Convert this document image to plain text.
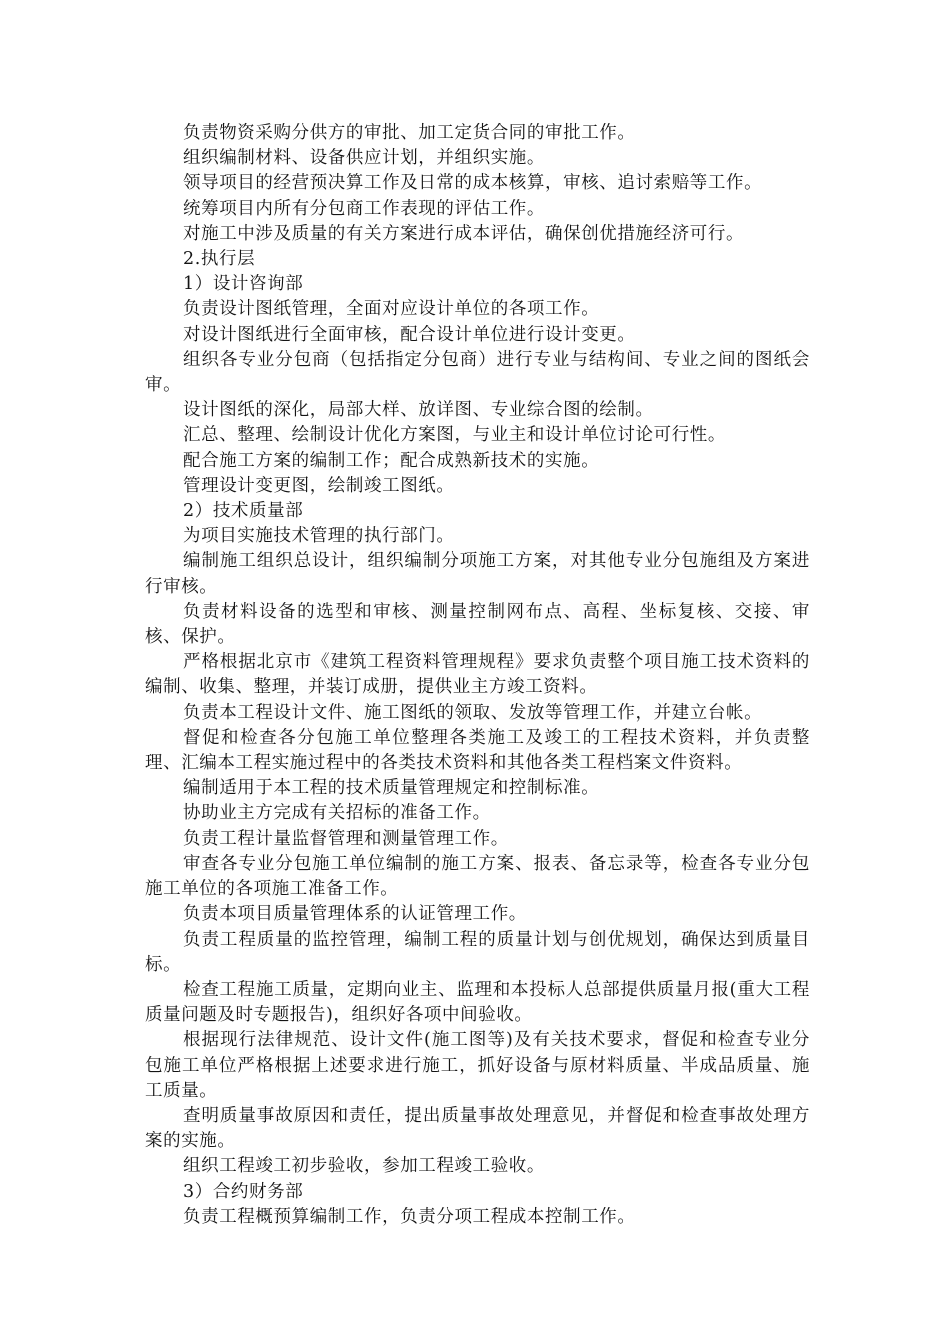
负责物资采购分供方的审批、加工定货合同的审批工作。

组织编制材料、设备供应计划，并组织实施。

领导项目的经营预决算工作及日常的成本核算，审核、追讨索赔等工作。

统筹项目内所有分包商工作表现的评估工作。

对施工中涉及质量的有关方案进行成本评估，确保创优措施经济可行。

2.执行层

1）设计咨询部

负责设计图纸管理，全面对应设计单位的各项工作。

对设计图纸进行全面审核，配合设计单位进行设计变更。

组织各专业分包商（包括指定分包商）进行专业与结构间、专业之间的图纸会审。

设计图纸的深化，局部大样、放详图、专业综合图的绘制。

汇总、整理、绘制设计优化方案图，与业主和设计单位讨论可行性。

配合施工方案的编制工作；配合成熟新技术的实施。

管理设计变更图，绘制竣工图纸。

2）技术质量部

为项目实施技术管理的执行部门。

编制施工组织总设计，组织编制分项施工方案，对其他专业分包施组及方案进行审核。

负责材料设备的选型和审核、测量控制网布点、高程、坐标复核、交接、审核、保护。

严格根据北京市《建筑工程资料管理规程》要求负责整个项目施工技术资料的编制、收集、整理，并装订成册，提供业主方竣工资料。

负责本工程设计文件、施工图纸的领取、发放等管理工作，并建立台帐。

督促和检查各分包施工单位整理各类施工及竣工的工程技术资料，并负责整理、汇编本工程实施过程中的各类技术资料和其他各类工程档案文件资料。

编制适用于本工程的技术质量管理规定和控制标准。

协助业主方完成有关招标的准备工作。

负责工程计量监督管理和测量管理工作。

审查各专业分包施工单位编制的施工方案、报表、备忘录等，检查各专业分包施工单位的各项施工准备工作。

负责本项目质量管理体系的认证管理工作。

负责工程质量的监控管理，编制工程的质量计划与创优规划，确保达到质量目标。

检查工程施工质量，定期向业主、监理和本投标人总部提供质量月报(重大工程质量问题及时专题报告)，组织好各项中间验收。

根据现行法律规范、设计文件(施工图等)及有关技术要求，督促和检查专业分包施工单位严格根据上述要求进行施工，抓好设备与原材料质量、半成品质量、施工质量。

查明质量事故原因和责任，提出质量事故处理意见，并督促和检查事故处理方案的实施。

组织工程竣工初步验收，参加工程竣工验收。

3）合约财务部

负责工程概预算编制工作，负责分项工程成本控制工作。
